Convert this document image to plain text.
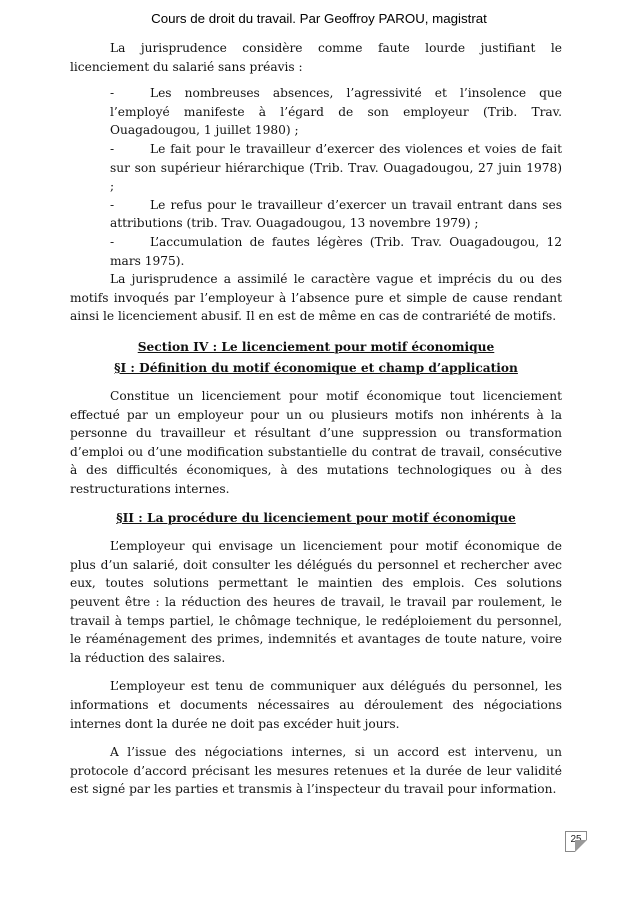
Cours de droit du travail. Par Geoffroy PAROU, magistrat

La jurisprudence considère comme faute lourde justifiant le licenciement du salarié sans préavis :

-	Les nombreuses absences, l’agressivité et l’insolence que l’employé manifeste à l’égard de son employeur (Trib. Trav. Ouagadougou, 1 juillet 1980) ;
-	Le fait pour le travailleur d’exercer des violences et voies de fait sur son supérieur hiérarchique (Trib. Trav. Ouagadougou, 27 juin 1978) ;
-	Le refus pour le travailleur d’exercer un travail entrant dans ses attributions (trib. Trav. Ouagadougou, 13 novembre 1979) ;
-	L’accumulation de fautes légères (Trib. Trav. Ouagadougou, 12 mars 1975).

La jurisprudence a assimilé le caractère vague et imprécis du ou des motifs invoqués par l’employeur à l’absence pure et simple de cause rendant ainsi le licenciement abusif. Il en est de même en cas de contrariété de motifs.

Section IV : Le licenciement pour motif économique
§I : Définition du motif économique et champ d’application

Constitue un licenciement pour motif économique tout licenciement effectué par un employeur pour un ou plusieurs motifs non inhérents à la personne du travailleur et résultant d’une suppression ou transformation d’emploi ou d’une modification substantielle du contrat de travail, consécutive à des difficultés économiques, à des mutations technologiques ou à des restructurations internes.

§II : La procédure du licenciement pour motif économique

L’employeur qui envisage un licenciement pour motif économique de plus d’un salarié, doit consulter les délégués du personnel et rechercher avec eux, toutes solutions permettant le maintien des emplois. Ces solutions peuvent être : la réduction des heures de travail, le travail par roulement, le travail à temps partiel, le chômage technique, le redéploiement du personnel, le réaménagement des primes, indemnités et avantages de toute nature, voire la réduction des salaires.

L’employeur est tenu de communiquer aux délégués du personnel, les informations et documents nécessaires au déroulement des négociations internes dont la durée ne doit pas excéder huit jours.

A l’issue des négociations internes, si un accord est intervenu, un protocole d’accord précisant les mesures retenues et la durée de leur validité est signé par les parties et transmis à l’inspecteur du travail pour information.

25
